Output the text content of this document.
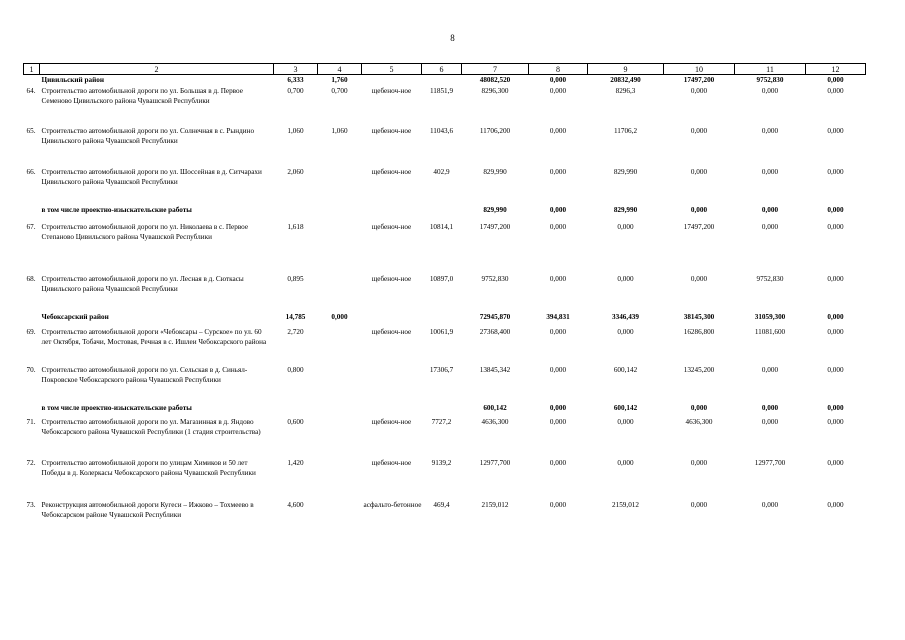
8
1	2	3	4	5	6	7	8	9	10	11	12
	Цивильский район	6,333	1,760			48082,520	0,000	20832,490	17497,200	9752,830	0,000
64.	Строительство автомобильной дороги по ул. Большая в д. Первое Семеново Цивильского района Чувашской Республики	0,700	0,700	щебеноч-ное	11851,9	8296,300	0,000	8296,3	0,000	0,000	0,000
65.	Строительство автомобильной дороги по ул. Солнечная в с. Рындино Цивильского района Чувашской Республики	1,060	1,060	щебеноч-ное	11043,6	11706,200	0,000	11706,2	0,000	0,000	0,000
66.	Строительство автомобильной дороги по ул. Шоссейная в д. Ситчарахи Цивильского района Чувашской Республики	2,060		щебеноч-ное	402,9	829,990	0,000	829,990	0,000	0,000	0,000
	в том числе проектно-изыскательские работы					829,990	0,000	829,990	0,000	0,000	0,000
67.	Строительство автомобильной дороги по ул. Николаева в с. Первое Степаново Цивильского района Чувашской Республики	1,618		щебеноч-ное	10814,1	17497,200	0,000	0,000	17497,200	0,000	0,000
68.	Строительство автомобильной дороги по ул. Лесная в д. Сюткасы Цивильского района Чувашской Республики	0,895		щебеноч-ное	10897,0	9752,830	0,000	0,000	0,000	9752,830	0,000
	Чебоксарский район	14,785	0,000			72945,870	394,831	3346,439	38145,300	31059,300	0,000
69.	Строительство автомобильной дороги «Чебоксары – Сурское» по ул. 60 лет Октября, Тобачи, Мостовая, Речная в с. Ишлеи Чебоксарского района	2,720		щебеноч-ное	10061,9	27368,400	0,000	0,000	16286,800	11081,600	0,000
70.	Строительство автомобильной дороги по ул. Сельская в д. Синьял-Покровское Чебоксарского района Чувашской Республики	0,800			17306,7	13845,342	0,000	600,142	13245,200	0,000	0,000
	в том числе проектно-изыскательские работы					600,142	0,000	600,142	0,000	0,000	0,000
71.	Строительство автомобильной дороги по ул. Магазинная в д. Яндово Чебоксарского района Чувашской Республики (1 стадия строительства)	0,600		щебеноч-ное	7727,2	4636,300	0,000	0,000	4636,300	0,000	0,000
72.	Строительство автомобильной дороги по улицам Химиков и 50 лет Победы в д. Колеркасы Чебоксарского района Чувашской Республики	1,420		щебеноч-ное	9139,2	12977,700	0,000	0,000	0,000	12977,700	0,000
73.	Реконструкция автомобильной дороги Кугеси – Ижково – Тохмеево в Чебоксарском районе Чувашской Республики	4,600		асфальто-бетонное	469,4	2159,012	0,000	2159,012	0,000	0,000	0,000
